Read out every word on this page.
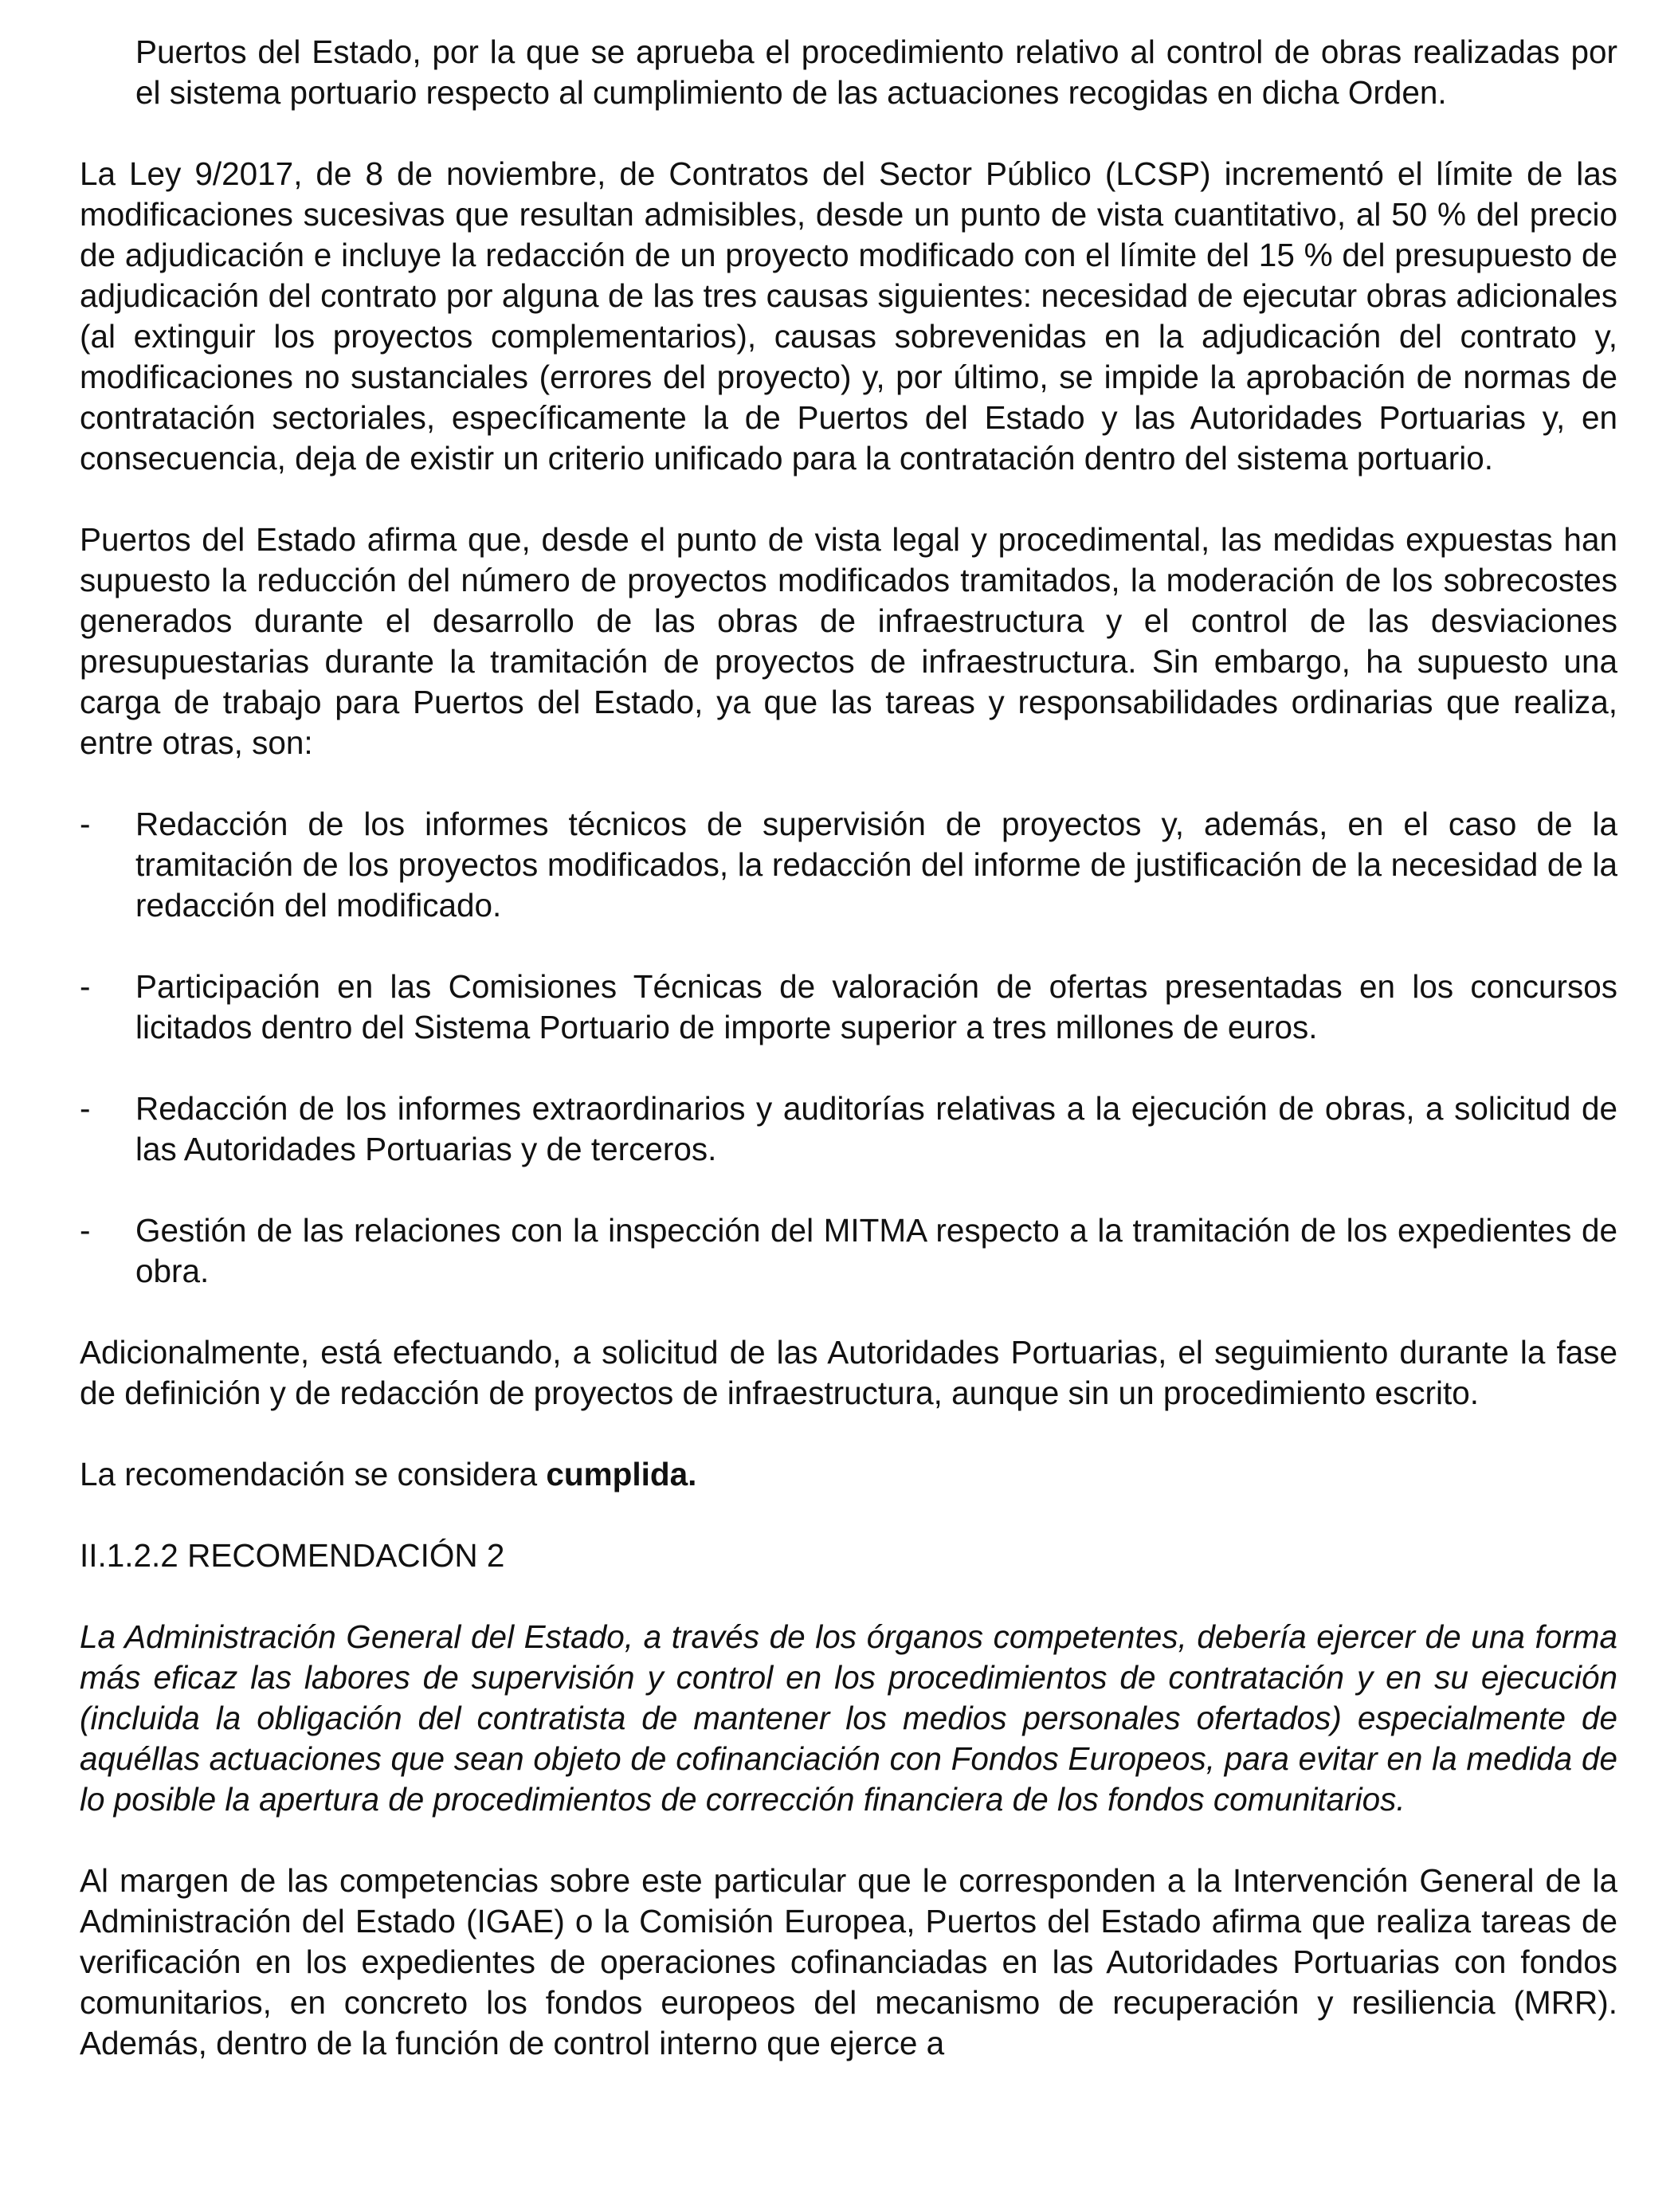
Puertos del Estado, por la que se aprueba el procedimiento relativo al control de obras realizadas por el sistema portuario respecto al cumplimiento de las actuaciones recogidas en dicha Orden.

La Ley 9/2017, de 8 de noviembre, de Contratos del Sector Público (LCSP) incrementó el límite de las modificaciones sucesivas que resultan admisibles, desde un punto de vista cuantitativo, al 50 % del precio de adjudicación e incluye la redacción de un proyecto modificado con el límite del 15 % del presupuesto de adjudicación del contrato por alguna de las tres causas siguientes: necesidad de ejecutar obras adicionales (al extinguir los proyectos complementarios), causas sobrevenidas en la adjudicación del contrato y, modificaciones no sustanciales (errores del proyecto) y, por último, se impide la aprobación de normas de contratación sectoriales, específicamente la de Puertos del Estado y las Autoridades Portuarias y, en consecuencia, deja de existir un criterio unificado para la contratación dentro del sistema portuario.

Puertos del Estado afirma que, desde el punto de vista legal y procedimental, las medidas expuestas han supuesto la reducción del número de proyectos modificados tramitados, la moderación de los sobrecostes generados durante el desarrollo de las obras de infraestructura y el control de las desviaciones presupuestarias durante la tramitación de proyectos de infraestructura. Sin embargo, ha supuesto una carga de trabajo para Puertos del Estado, ya que las tareas y responsabilidades ordinarias que realiza, entre otras, son:

-	Redacción de los informes técnicos de supervisión de proyectos y, además, en el caso de la tramitación de los proyectos modificados, la redacción del informe de justificación de la necesidad de la redacción del modificado.
-	Participación en las Comisiones Técnicas de valoración de ofertas presentadas en los concursos licitados dentro del Sistema Portuario de importe superior a tres millones de euros.
-	Redacción de los informes extraordinarios y auditorías relativas a la ejecución de obras, a solicitud de las Autoridades Portuarias y de terceros.
-	Gestión de las relaciones con la inspección del MITMA respecto a la tramitación de los expedientes de obra.

Adicionalmente, está efectuando, a solicitud de las Autoridades Portuarias, el seguimiento durante la fase de definición y de redacción de proyectos de infraestructura, aunque sin un procedimiento escrito.

La recomendación se considera cumplida.

II.1.2.2 RECOMENDACIÓN 2

La Administración General del Estado, a través de los órganos competentes, debería ejercer de una forma más eficaz las labores de supervisión y control en los procedimientos de contratación y en su ejecución (incluida la obligación del contratista de mantener los medios personales ofertados) especialmente de aquéllas actuaciones que sean objeto de cofinanciación con Fondos Europeos, para evitar en la medida de lo posible la apertura de procedimientos de corrección financiera de los fondos comunitarios.

Al margen de las competencias sobre este particular que le corresponden a la Intervención General de la Administración del Estado (IGAE) o la Comisión Europea, Puertos del Estado afirma que realiza tareas de verificación en los expedientes de operaciones cofinanciadas en las Autoridades Portuarias con fondos comunitarios, en concreto los fondos europeos del mecanismo de recuperación y resiliencia (MRR). Además, dentro de la función de control interno que ejerce a
